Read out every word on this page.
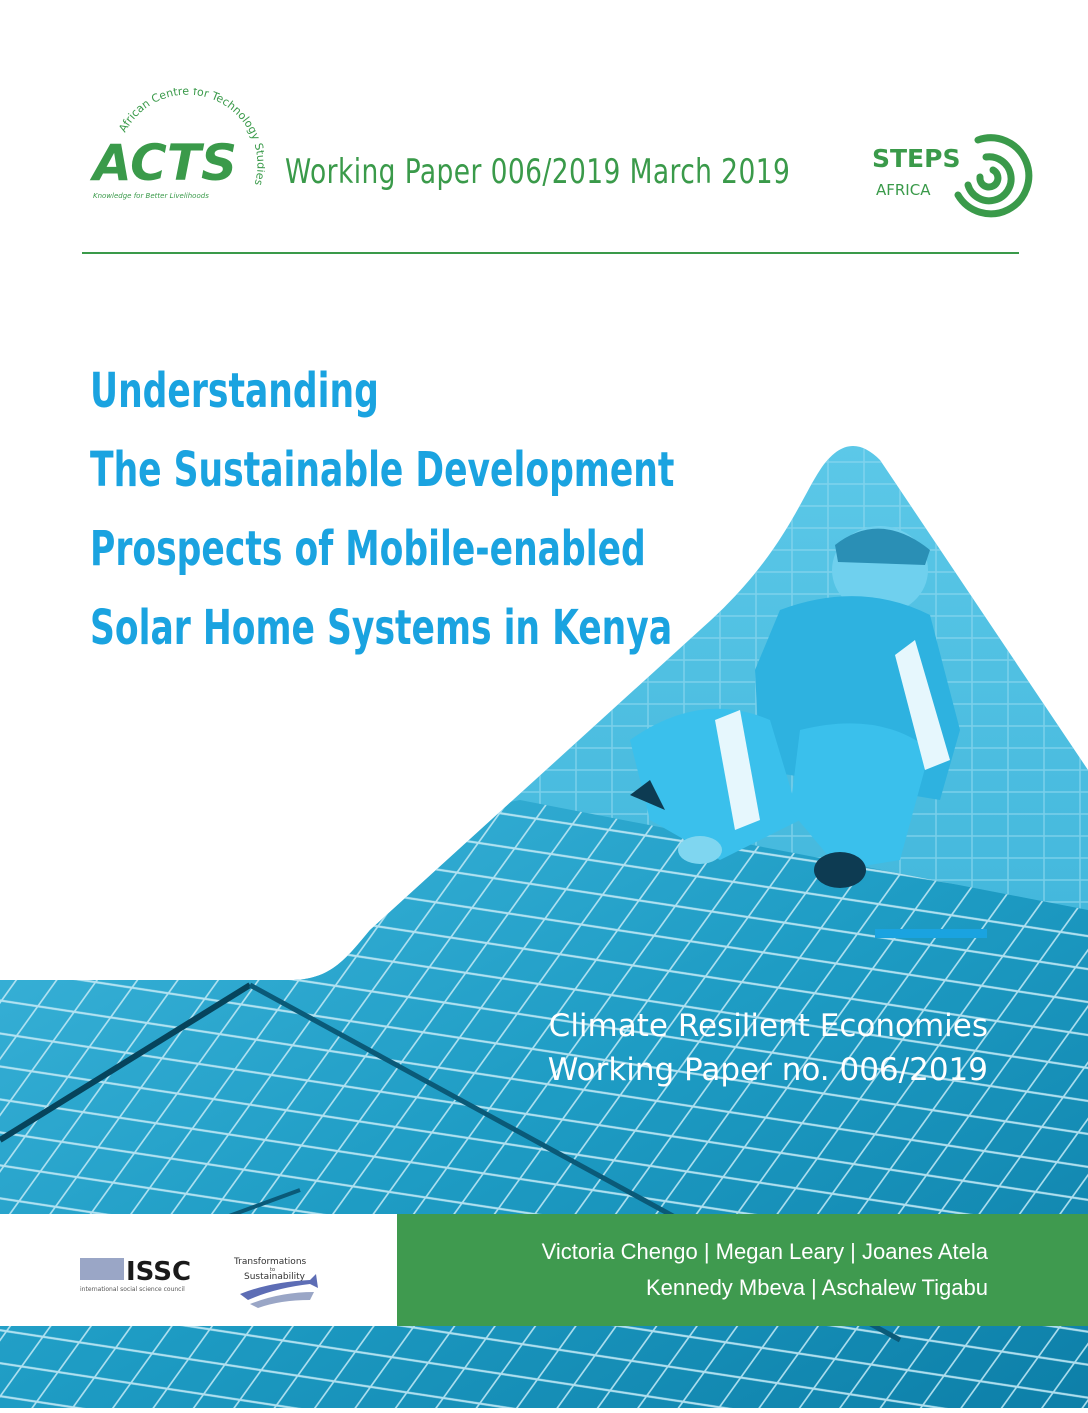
African Centre for Technology S s
ACTS
Knowledge for Better Livelihoods
Working Paper 006/2019 March 2019	STEPS
AFRICA
Understanding
The Sustainable Development
Prospects of Mobile-enabled
Solar Home Systems in Kenya
Climate Resilient Economies
Working Paper no. 006/2019
Victoria Chengo | Megan Leary | Joanes Atela
Kennedy Mbeva | Aschalew Tigabu
ISSC
international social science council
Transformations
to
Sustainability
